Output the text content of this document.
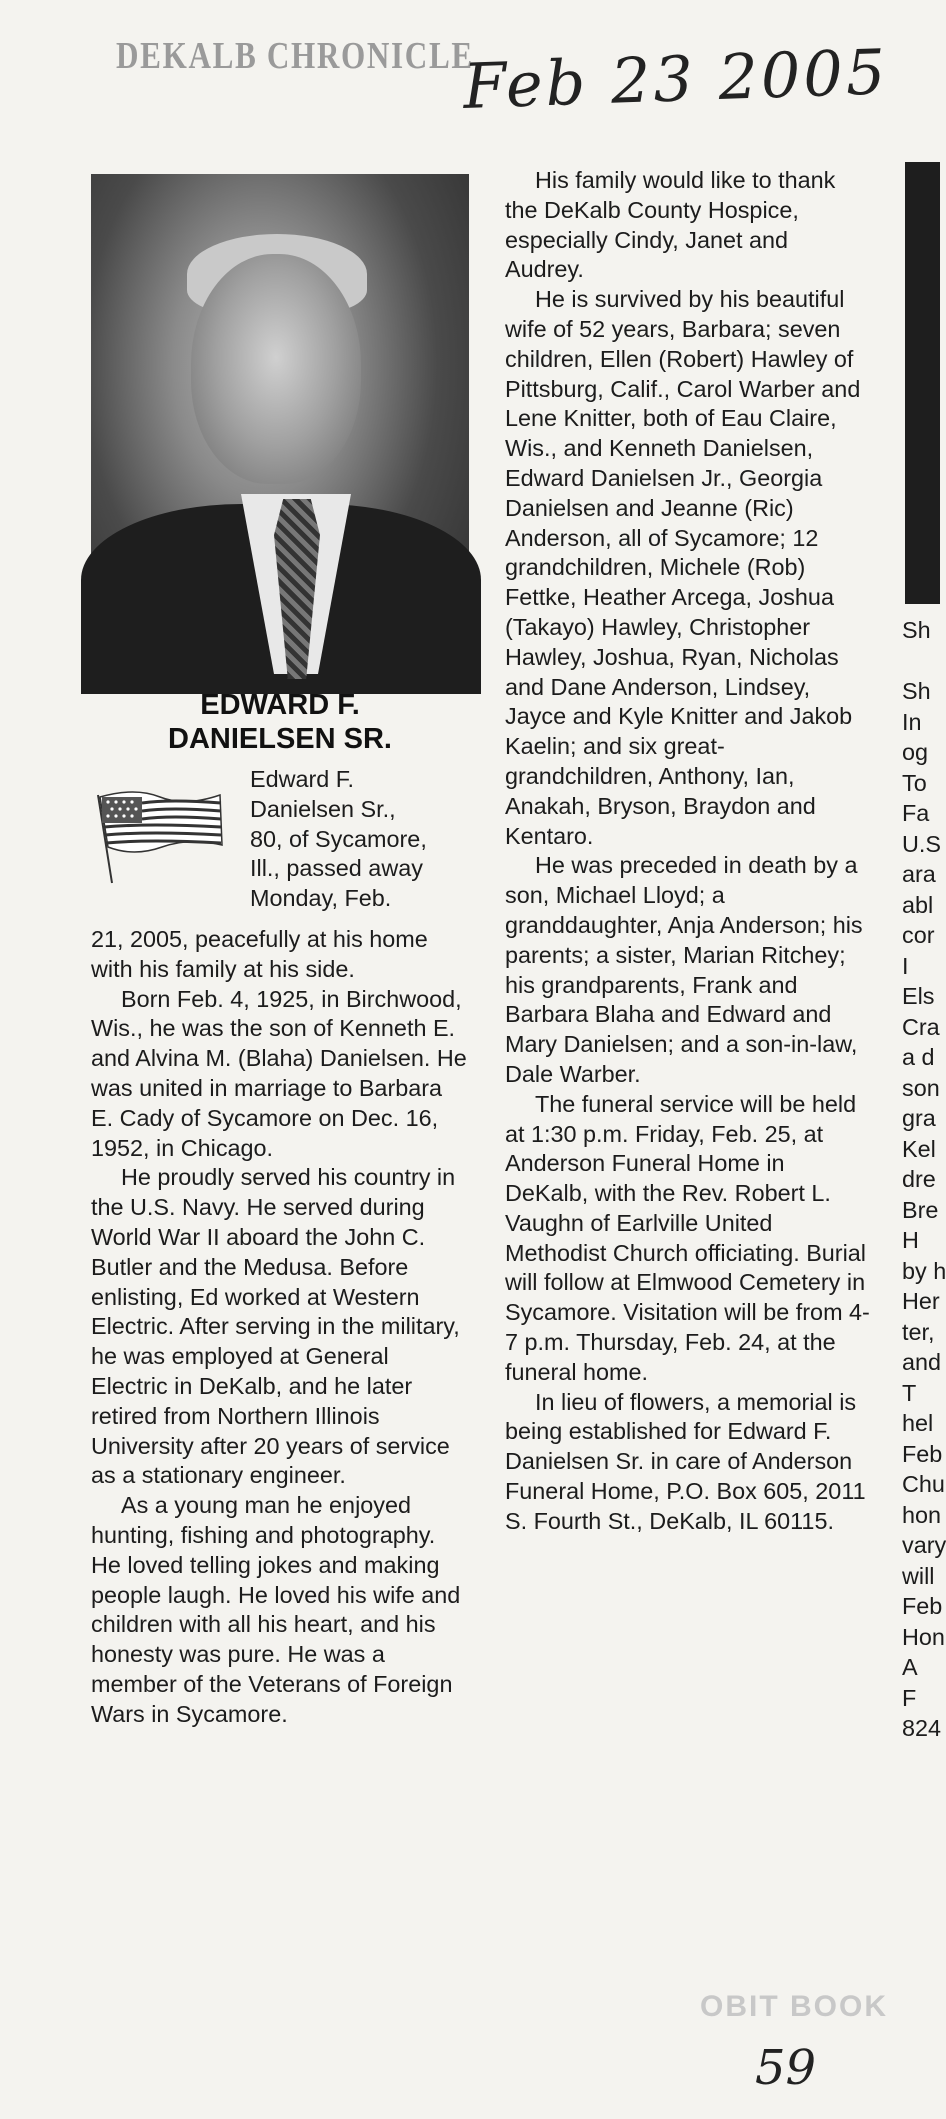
DEKALB CHRONICLE
Feb 23 2005
EDWARD F.
DANIELSEN SR.

Edward F.

Danielsen Sr.,

80, of Sycamore,

Ill., passed away

Monday, Feb.

21, 2005, peacefully at his home with his family at his side.

Born Feb. 4, 1925, in Birchwood, Wis., he was the son of Kenneth E. and Alvina M. (Blaha) Danielsen. He was united in marriage to Barbara E. Cady of Sycamore on Dec. 16, 1952, in Chicago.

He proudly served his country in the U.S. Navy. He served during World War II aboard the John C. Butler and the Medusa. Before enlisting, Ed worked at Western Electric. After serving in the military, he was employed at General Electric in DeKalb, and he later retired from Northern Illinois University after 20 years of service as a stationary engineer.

As a young man he enjoyed hunting, fishing and photography. He loved telling jokes and making people laugh. He loved his wife and children with all his heart, and his honesty was pure. He was a member of the Veterans of Foreign Wars in Sycamore.

His family would like to thank the DeKalb County Hospice, especially Cindy, Janet and Audrey.

He is survived by his beautiful wife of 52 years, Barbara; seven children, Ellen (Robert) Hawley of Pittsburg, Calif., Carol Warber and Lene Knitter, both of Eau Claire, Wis., and Kenneth Danielsen, Edward Danielsen Jr., Georgia Danielsen and Jeanne (Ric) Anderson, all of Sycamore; 12 grandchildren, Michele (Rob) Fettke, Heather Arcega, Joshua (Takayo) Hawley, Christopher Hawley, Joshua, Ryan, Nicholas and Dane Anderson, Lindsey, Jayce and Kyle Knitter and Jakob Kaelin; and six great-grandchildren, Anthony, Ian, Anakah, Bryson, Braydon and Kentaro.

He was preceded in death by a son, Michael Lloyd; a granddaughter, Anja Anderson; his parents; a sister, Marian Ritchey; his grandparents, Frank and Barbara Blaha and Edward and Mary Danielsen; and a son-in-law, Dale Warber.

The funeral service will be held at 1:30 p.m. Friday, Feb. 25, at Anderson Funeral Home in DeKalb, with the Rev. Robert L. Vaughn of Earlville United Methodist Church officiating. Burial will follow at Elmwood Cemetery in Sycamore. Visitation will be from 4-7 p.m. Thursday, Feb. 24, at the funeral home.

In lieu of flowers, a memorial is being established for Edward F. Danielsen Sr. in care of Anderson Funeral Home, P.O. Box 605, 2011 S. Fourth St., DeKalb, IL 60115.

Sh

Sh

In

og

To

Fa

U.S

ara

abl

cor

I

Els

Cra

a d

son

gra

Kel

dre

Bre

H

by h

Her

ter,

and

T

hel

Feb

Chu

hon

vary

will

Feb

Hon

A

F

824

OBIT BOOK
59
